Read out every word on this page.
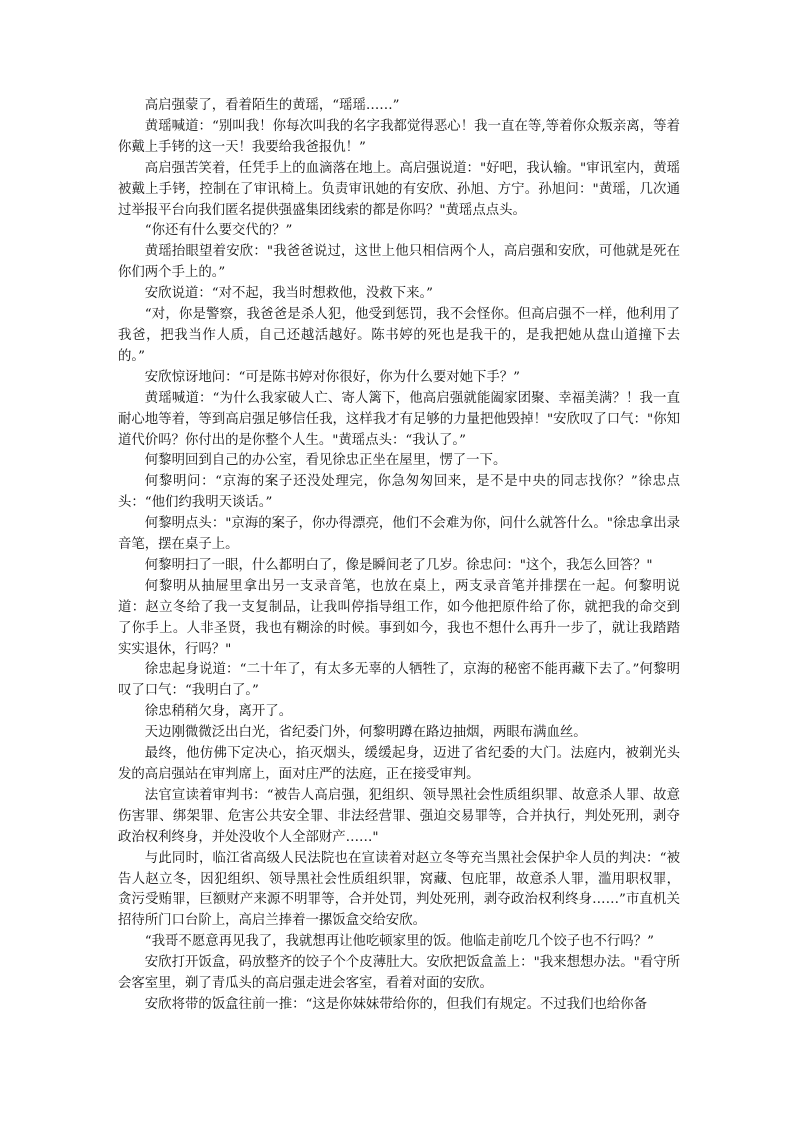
高启强蒙了，看着陌生的黄瑶，“瑶瑶……”

黄瑶喊道：“别叫我！你每次叫我的名字我都觉得恶心！我一直在等,等着你众叛亲离，等着你戴上手铐的这一天！我要给我爸报仇！”

高启强苦笑着，任凭手上的血滴落在地上。高启强说道："好吧，我认输。"审讯室内，黄瑶被戴上手铐，控制在了审讯椅上。负责审讯她的有安欣、孙旭、方宁。孙旭问："黄瑶，几次通过举报平台向我们匿名提供强盛集团线索的都是你吗？"黄瑶点点头。

“你还有什么要交代的？”

黄瑶抬眼望着安欣："我爸爸说过，这世上他只相信两个人，高启强和安欣，可他就是死在你们两个手上的。”

安欣说道：“对不起，我当时想救他，没救下来。”

“对，你是警察，我爸爸是杀人犯，他受到惩罚，我不会怪你。但高启强不一样，他利用了我爸，把我当作人质，自己还越活越好。陈书婷的死也是我干的，是我把她从盘山道撞下去的。”

安欣惊讶地问：“可是陈书婷对你很好，你为什么要对她下手？”

黄瑶喊道：“为什么我家破人亡、寄人篱下，他高启强就能阖家团聚、幸福美满？！我一直耐心地等着，等到高启强足够信任我，这样我才有足够的力量把他毁掉！"安欣叹了口气："你知道代价吗？你付出的是你整个人生。"黄瑶点头：“我认了。”

何黎明回到自己的办公室，看见徐忠正坐在屋里，愣了一下。

何黎明问：“京海的案子还没处理完，你急匆匆回来，是不是中央的同志找你？”徐忠点头：“他们约我明天谈话。”

何黎明点头："京海的案子，你办得漂亮，他们不会难为你，问什么就答什么。"徐忠拿出录音笔，摆在桌子上。

何黎明扫了一眼，什么都明白了，像是瞬间老了几岁。徐忠问："这个，我怎么回答？"

何黎明从抽屉里拿出另一支录音笔，也放在桌上，两支录音笔并排摆在一起。何黎明说道：赵立冬给了我一支复制品，让我叫停指导组工作，如今他把原件给了你，就把我的命交到了你手上。人非圣贤，我也有糊涂的时候。事到如今，我也不想什么再升一步了，就让我踏踏实实退休，行吗？"

徐忠起身说道：“二十年了，有太多无辜的人牺牲了，京海的秘密不能再藏下去了。”何黎明叹了口气：“我明白了。”

徐忠稍稍欠身，离开了。

天边刚微微泛出白光，省纪委门外，何黎明蹲在路边抽烟，两眼布满血丝。

最终，他仿佛下定决心，掐灭烟头，缓缓起身，迈进了省纪委的大门。法庭内，被剃光头发的高启强站在审判席上，面对庄严的法庭，正在接受审判。

法官宣读着审判书：“被告人高启强，犯组织、领导黑社会性质组织罪、故意杀人罪、故意伤害罪、绑架罪、危害公共安全罪、非法经营罪、强迫交易罪等，合并执行，判处死刑，剥夺政治权利终身，并处没收个人全部财产……"

与此同时，临江省高级人民法院也在宣读着对赵立冬等充当黑社会保护伞人员的判决：“被告人赵立冬，因犯组织、领导黑社会性质组织罪，窝藏、包庇罪，故意杀人罪，滥用职权罪，贪污受贿罪，巨额财产来源不明罪等，合并处罚，判处死刑，剥夺政治权利终身……”市直机关招待所门口台阶上，高启兰捧着一摞饭盒交给安欣。

“我哥不愿意再见我了，我就想再让他吃顿家里的饭。他临走前吃几个饺子也不行吗？”

安欣打开饭盒，码放整齐的饺子个个皮薄肚大。安欣把饭盒盖上："我来想想办法。"看守所会客室里，剃了青瓜头的高启强走进会客室，看着对面的安欣。

安欣将带的饭盒往前一推：“这是你妹妹带给你的，但我们有规定。不过我们也给你备
